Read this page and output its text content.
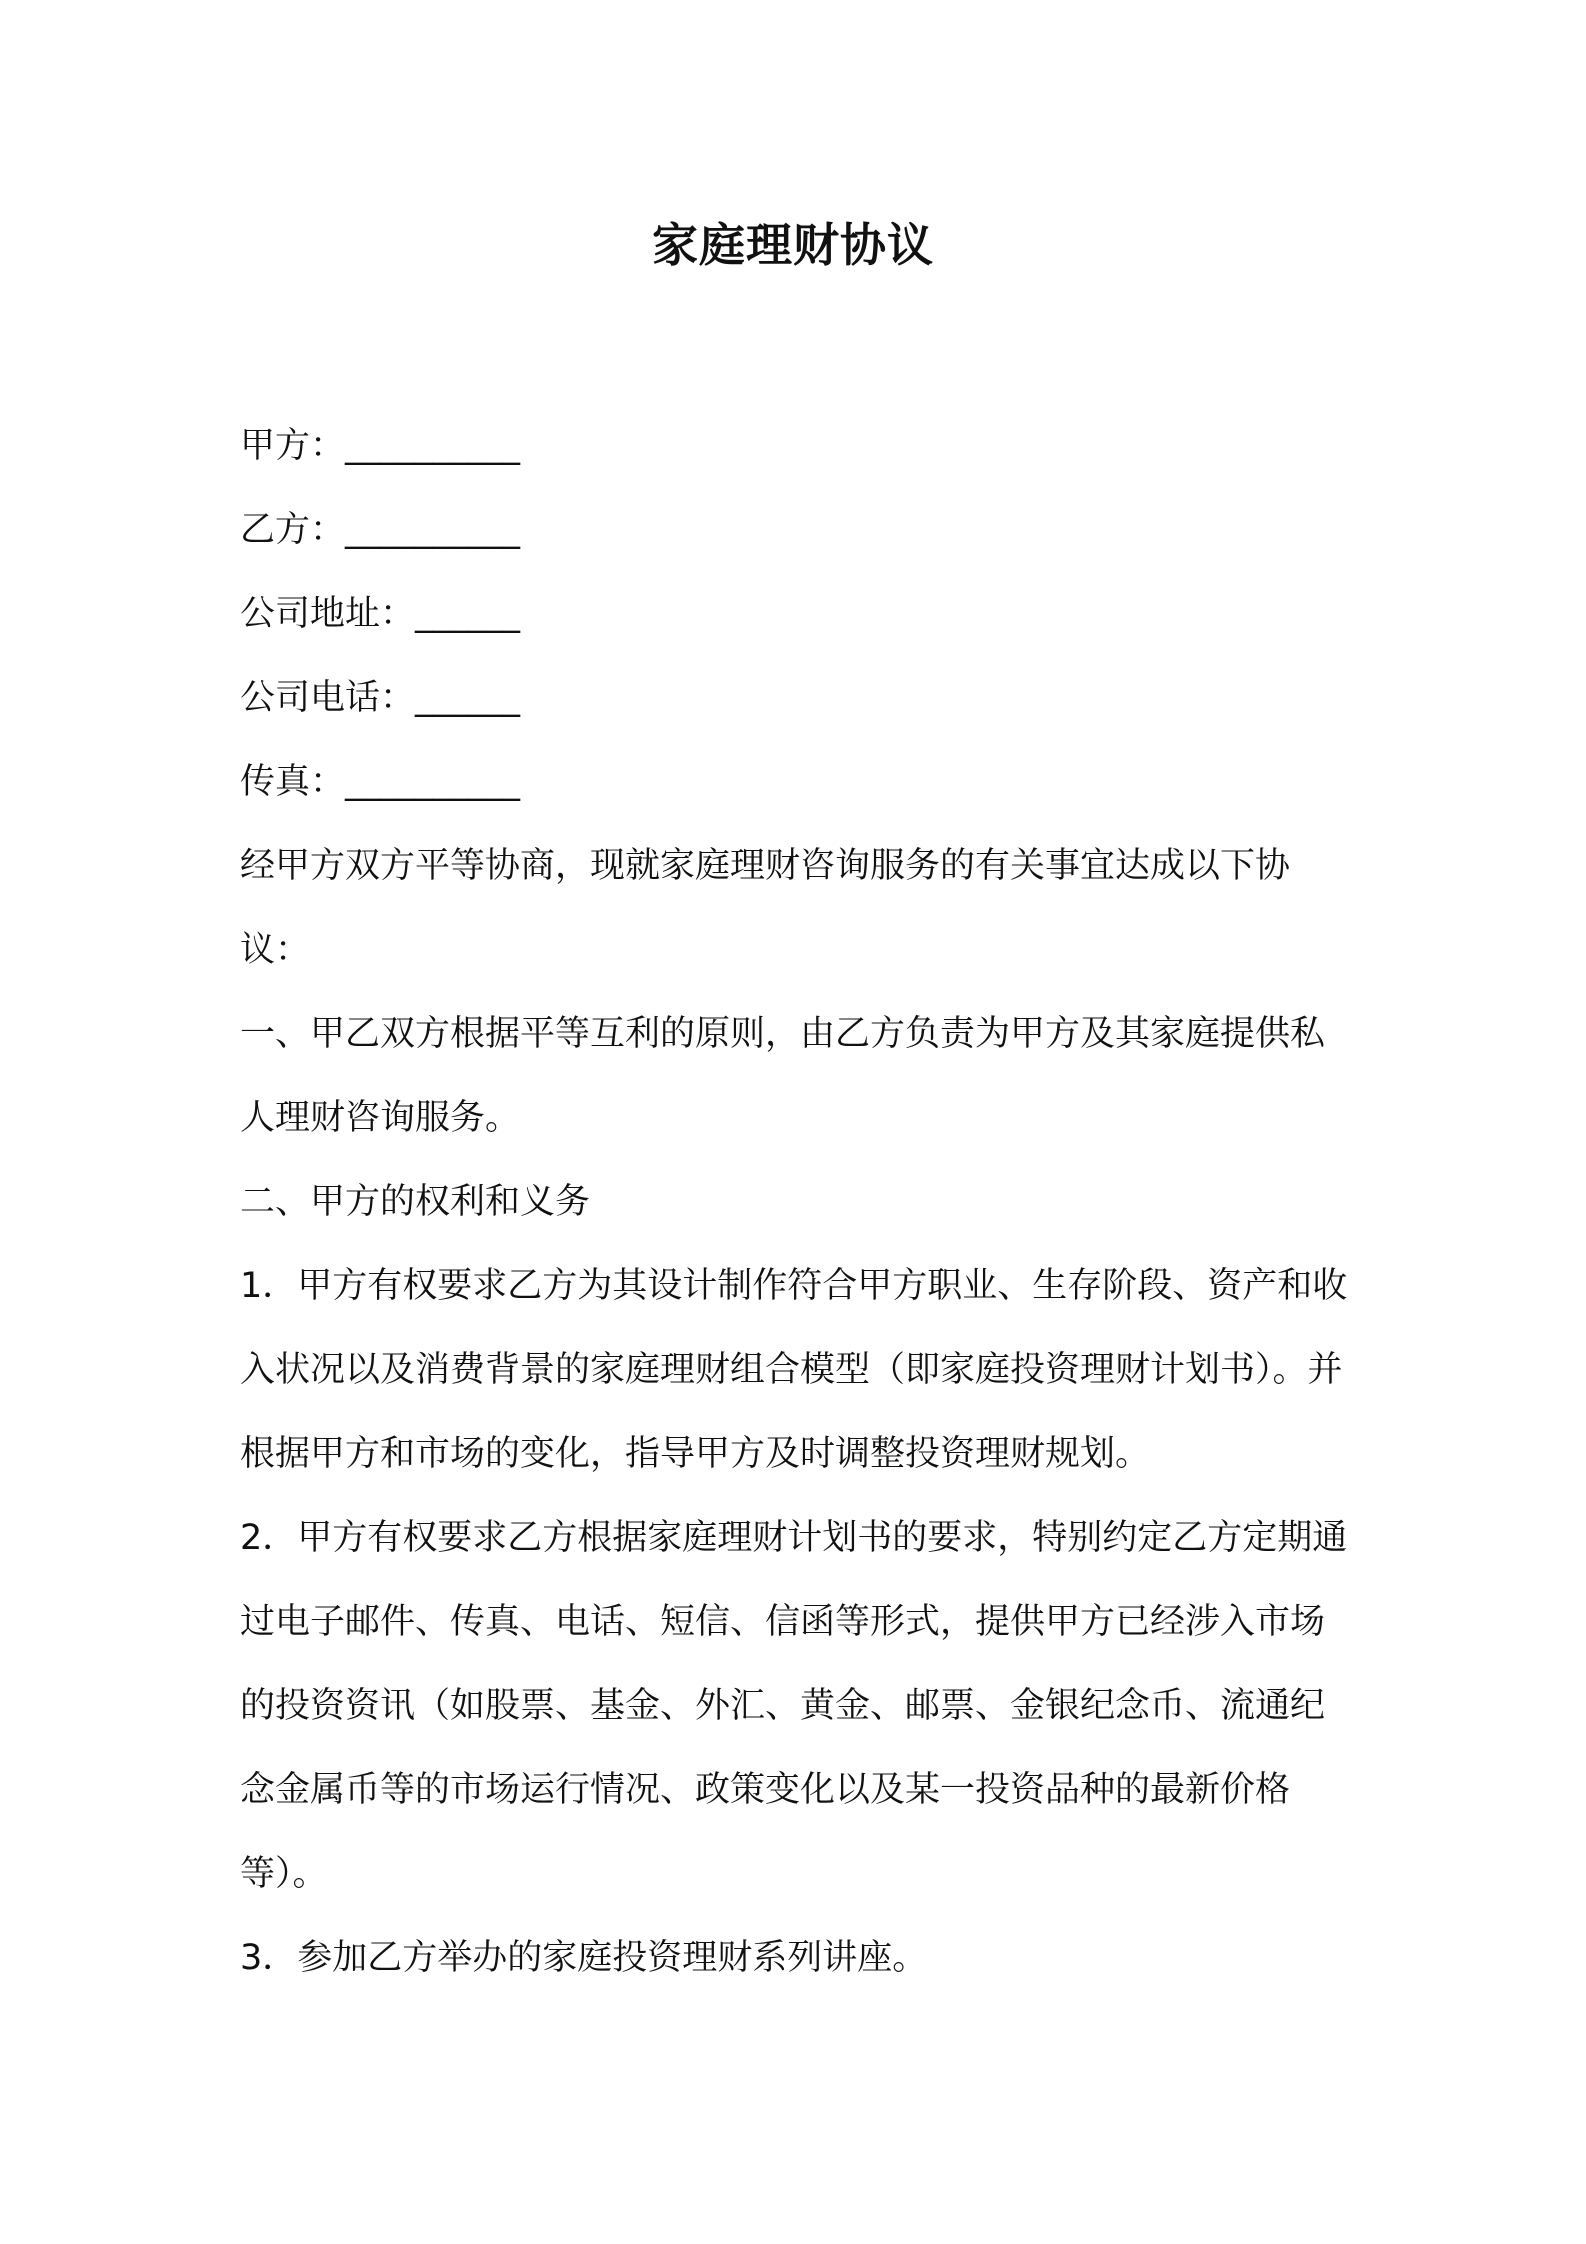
家庭理财协议

甲方：__________

乙方：__________

公司地址：______

公司电话：______

传真：__________

经甲方双方平等协商，现就家庭理财咨询服务的有关事宜达成以下协议：

一、甲乙双方根据平等互利的原则，由乙方负责为甲方及其家庭提供私人理财咨询服务。

二、甲方的权利和义务

1．甲方有权要求乙方为其设计制作符合甲方职业、生存阶段、资产和收入状况以及消费背景的家庭理财组合模型（即家庭投资理财计划书）。并根据甲方和市场的变化，指导甲方及时调整投资理财规划。

2．甲方有权要求乙方根据家庭理财计划书的要求，特别约定乙方定期通过电子邮件、传真、电话、短信、信函等形式，提供甲方已经涉入市场的投资资讯（如股票、基金、外汇、黄金、邮票、金银纪念币、流通纪念金属币等的市场运行情况、政策变化以及某一投资品种的最新价格等）。

3．参加乙方举办的家庭投资理财系列讲座。
